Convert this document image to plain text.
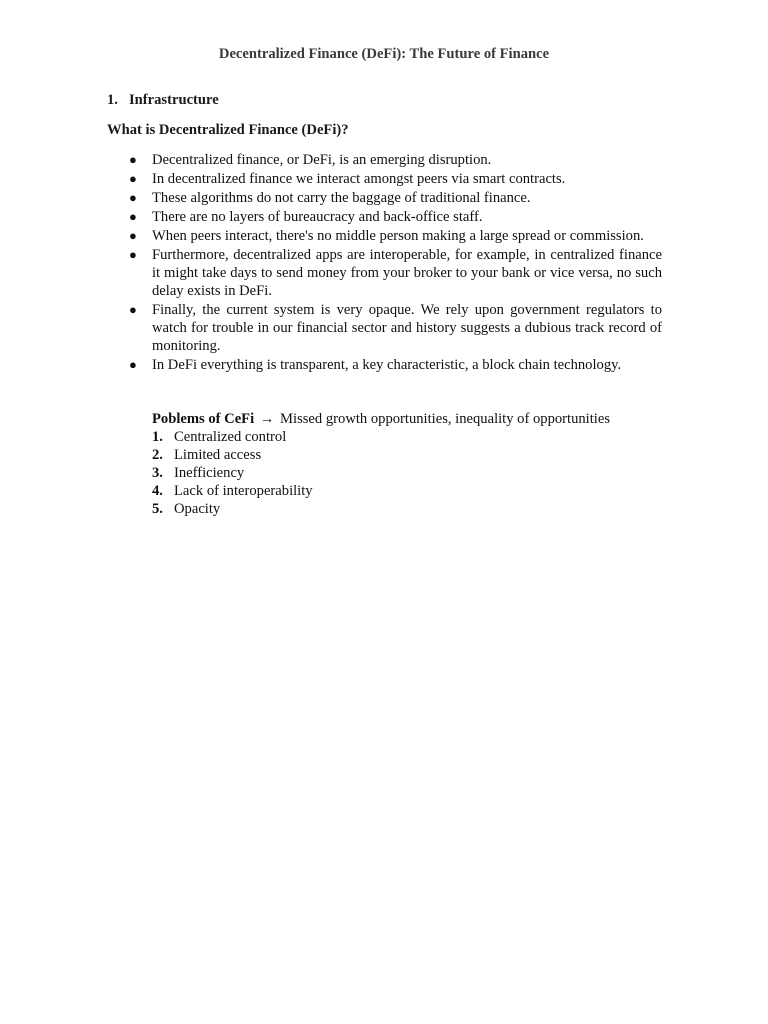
Decentralized Finance (DeFi): The Future of Finance
1. Infrastructure
What is Decentralized Finance (DeFi)?
● Decentralized finance, or DeFi, is an emerging disruption.
● In decentralized finance we interact amongst peers via smart contracts.
● These algorithms do not carry the baggage of traditional finance.
● There are no layers of bureaucracy and back-office staff.
● When peers interact, there's no middle person making a large spread or commission.
● Furthermore, decentralized apps are interoperable, for example, in centralized finance it might take days to send money from your broker to your bank or vice versa, no such delay exists in DeFi.
● Finally, the current system is very opaque. We rely upon government regulators to watch for trouble in our financial sector and history suggests a dubious track record of monitoring.
● In DeFi everything is transparent, a key characteristic, a block chain technology.
Poblems of CeFi → Missed growth opportunities, inequality of opportunities
1. Centralized control
2. Limited access
3. Inefficiency
4. Lack of interoperability
5. Opacity
